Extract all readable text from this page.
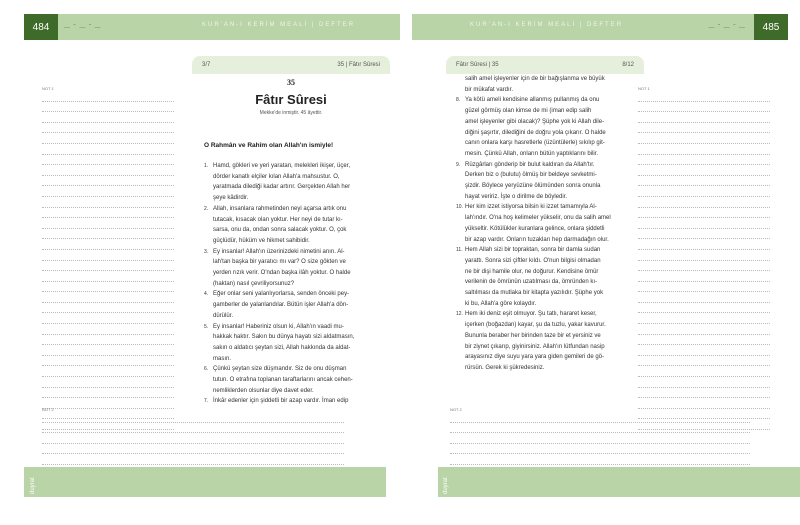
484	— ˜ — ˜ —	KUR'AN-I KERİM MEALİ | DEFTER
NOT 1
3/7	35 | Fâtır Sûresi
35
Fâtır Sûresi
Mekke'de inmiştir. 45 âyettir.
O Rahmân ve Rahîm olan Allah'ın ismiyle!
1. Hamd, gökleri ve yeri yaratan, melekleri ikişer, üçer,
dörder kanatlı elçiler kılan Allah'a mahsustur. O,
yaratmada dilediği kadar artırır. Gerçekten Allah her
şeye kâdirdir.
2. Allah, insanlara rahmetinden neyi açarsa artık onu
tutacak, kısacak olan yoktur. Her neyi de tutar kı-
sarsa, onu da, ondan sonra salacak yoktur. O, çok
güçlüdür, hüküm ve hikmet sahibidir.
3. Ey insanlar! Allah'ın üzerinizdeki nimetini anın. Al-
lah'tan başka bir yaratıcı mı var? O size gökten ve
yerden rızık verir. O'ndan başka ilâh yoktur. O halde
(haktan) nasıl çevriliyorsunuz?
4. Eğer onlar seni yalanlıyorlarsa, senden önceki pey-
gamberler de yalanlandılar. Bütün işler Allah'a dön-
dürülür.
5. Ey insanlar! Haberiniz olsun ki, Allah'ın vaadi mu-
hakkak haktır. Sakın bu dünya hayatı sizi aldatmasın,
sakın o aldatıcı şeytan sizi, Allah hakkında da aldat-
masın.
6. Çünkü şeytan size düşmandır. Siz de onu düşman
tutun. O etrafına toplanan taraftarlarını ancak cehen-
nemliklerden olsunlar diye davet eder.
7. İnkâr edenler için şiddetli bir azap vardır. İman edip
NOT 2
duyrat
485
— ˜ — ˜ —
KUR'AN-I KERİM MEALİ | DEFTER
Fâtır Sûresi | 35	8/12
salih amel işleyenler için de bir bağışlanma ve büyük
bir mükafat vardır.
8. Ya kötü ameli kendisine allanmış pullanmış da onu
güzel görmüş olan kimse de mi (iman edip salih
amel işleyenler gibi olacak)? Şüphe yok ki Allah dile-
diğini şaşırtır, dilediğini de doğru yola çıkarır. O halde
canın onlara karşı hasretlerle (üzüntülerle) sıkılıp git-
mesin. Çünkü Allah, onların bütün yaptıklarını bilir.
9. Rüzgârları gönderip bir bulut kaldıran da Allah'tır.
Derken biz o (bulutu) ölmüş bir beldeye sevketmi-
şizdir. Böylece yeryüzüne ölümünden sonra onunla
hayat veririz. İşte o dirilme de böyledir.
10. Her kim izzet istiyorsa bilsin ki izzet tamamıyla Al-
lah'ındır. O'na hoş kelimeler yükselir, onu da salih amel
yükseltir. Kötülükler kuranlara gelince, onlara şiddetli
bir azap vardır. Onların tuzakları hep darmadağın olur.
11. Hem Allah sizi bir topraktan, sonra bir damla sudan
yarattı. Sonra sizi çiftler kıldı. O'nun bilgisi olmadan
ne bir dişi hamile olur, ne doğurur. Kendisine ömür
verilenin de ömrünün uzatılması da, ömründen kı-
saltılması da mutlaka bir kitapta yazılıdır. Şüphe yok
ki bu, Allah'a göre kolaydır.
12. Hem iki deniz eşit olmuyor. Şu tatlı, hararet keser,
içerken (boğazdan) kayar, şu da tuzlu, yakar kavurur.
Bununla beraber her birinden taze bir et yersiniz ve
bir ziynet çıkarıp, giyinirsiniz. Allah'ın lütfundan nasip
arayasınız diye suyu yara yara giden gemileri de gö-
rürsün. Gerek ki şükredesiniz.
NOT 1
NOT 2
duyrat
